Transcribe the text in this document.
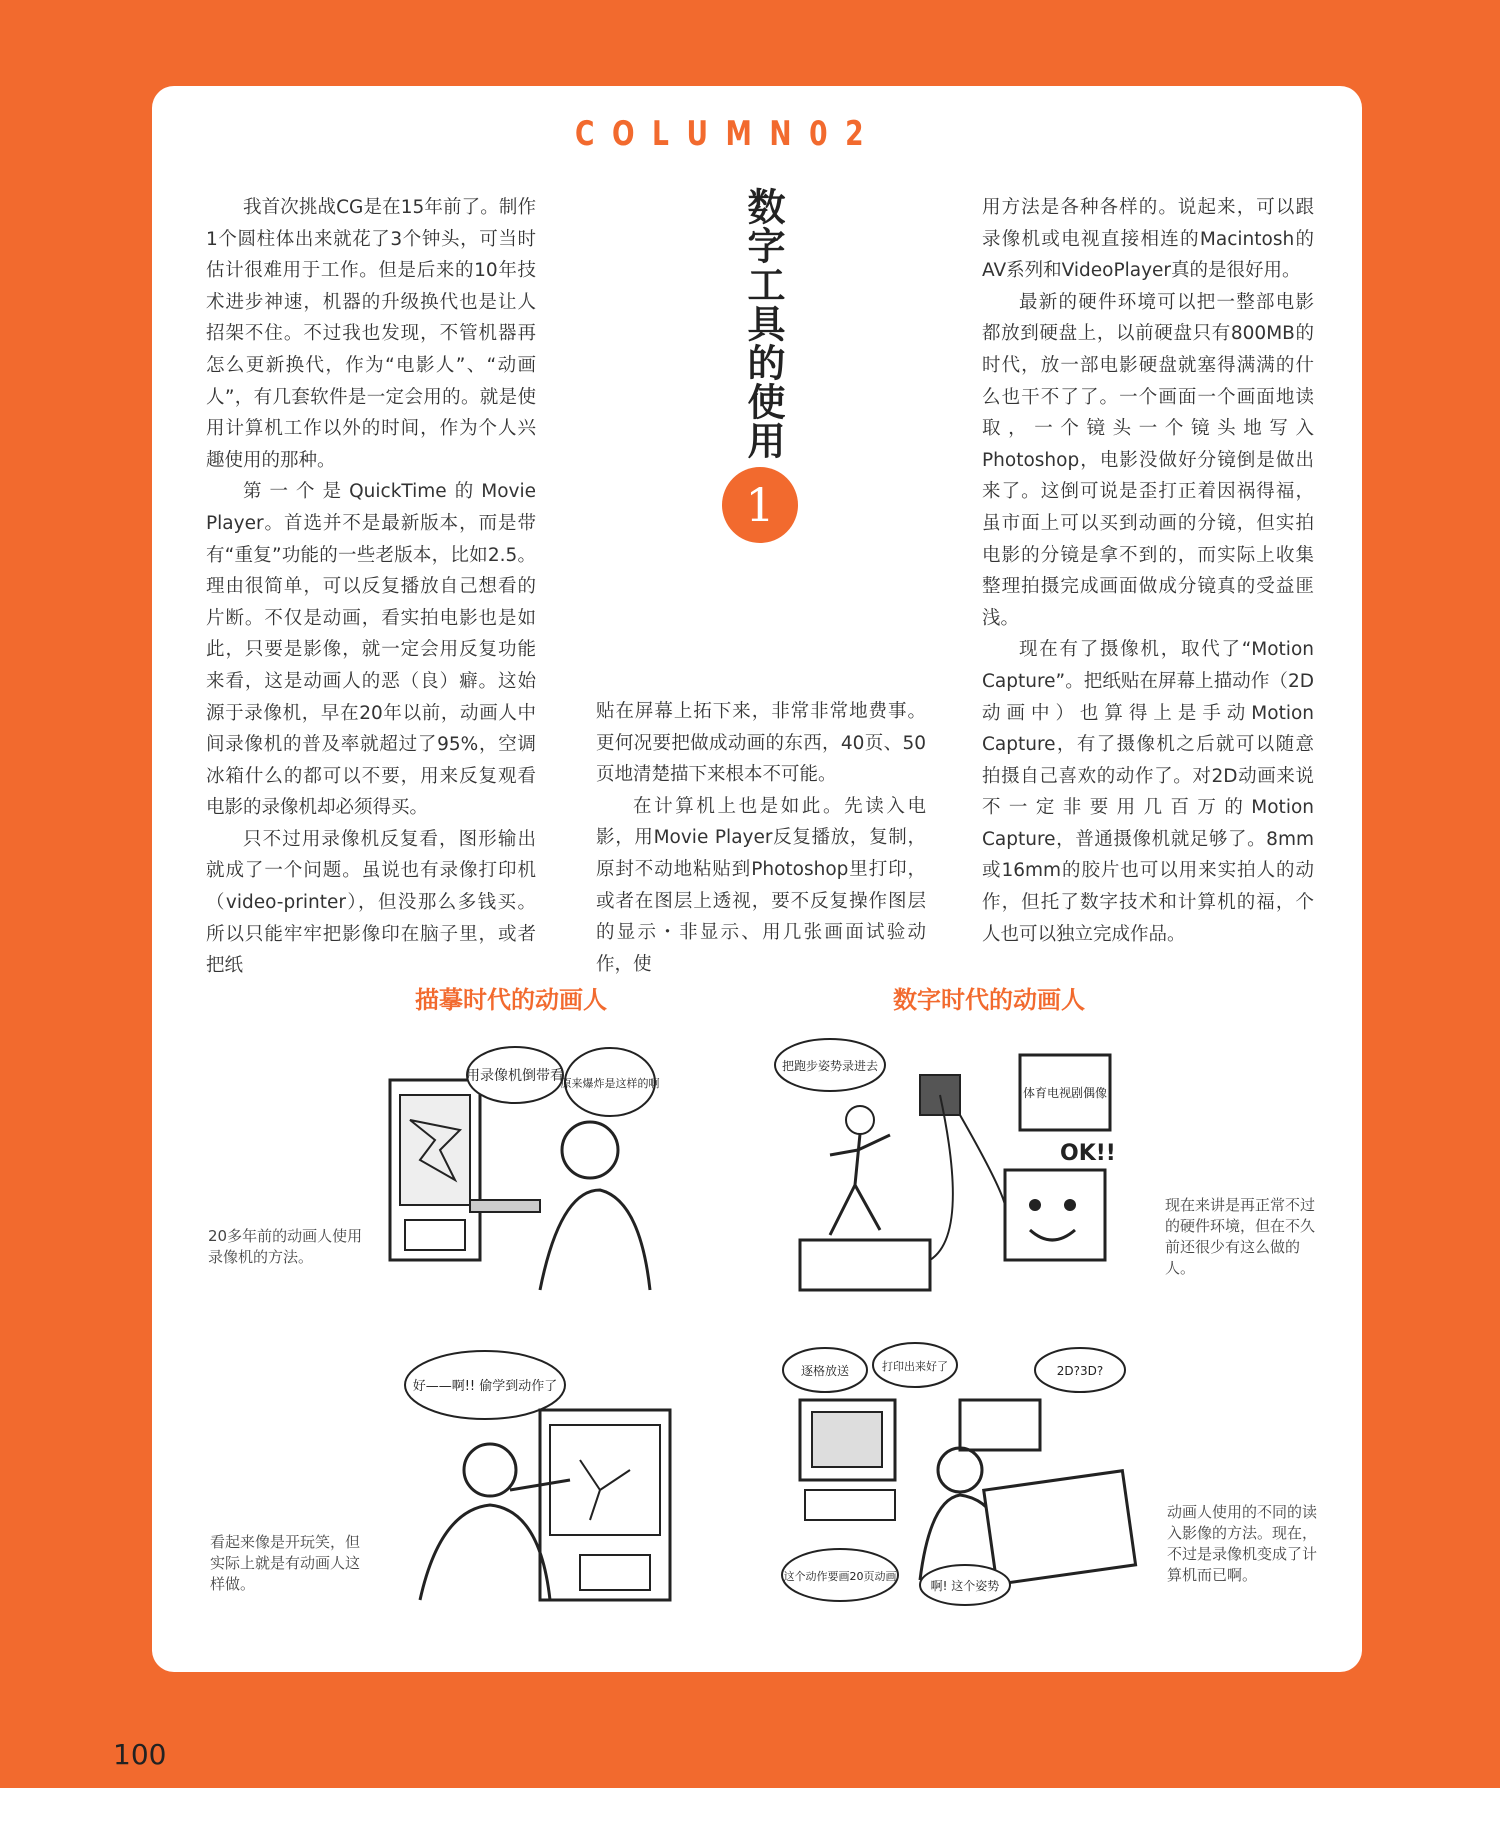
C O L U M N 0 2
数字工具的使用
1

我首次挑战CG是在15年前了。制作1个圆柱体出来就花了3个钟头，可当时估计很难用于工作。但是后来的10年技术进步神速，机器的升级换代也是让人招架不住。不过我也发现，不管机器再怎么更新换代，作为“电影人”、“动画人”，有几套软件是一定会用的。就是使用计算机工作以外的时间，作为个人兴趣使用的那种。

第一个是QuickTime的Movie Player。首选并不是最新版本，而是带有“重复”功能的一些老版本，比如2.5。理由很简单，可以反复播放自己想看的片断。不仅是动画，看实拍电影也是如此，只要是影像，就一定会用反复功能来看，这是动画人的恶（良）癖。这始源于录像机，早在20年以前，动画人中间录像机的普及率就超过了95%，空调冰箱什么的都可以不要，用来反复观看电影的录像机却必须得买。

只不过用录像机反复看，图形输出就成了一个问题。虽说也有录像打印机（video-printer），但没那么多钱买。所以只能牢牢把影像印在脑子里，或者把纸

贴在屏幕上拓下来，非常非常地费事。更何况要把做成动画的东西，40页、50页地清楚描下来根本不可能。

在计算机上也是如此。先读入电影，用Movie Player反复播放，复制，原封不动地粘贴到Photoshop里打印，或者在图层上透视，要不反复操作图层的显示・非显示、用几张画面试验动作，使

用方法是各种各样的。说起来，可以跟录像机或电视直接相连的Macintosh的AV系列和VideoPlayer真的是很好用。

最新的硬件环境可以把一整部电影都放到硬盘上，以前硬盘只有800MB的时代，放一部电影硬盘就塞得满满的什么也干不了了。一个画面一个画面地读取，一个镜头一个镜头地写入Photoshop，电影没做好分镜倒是做出来了。这倒可说是歪打正着因祸得福，虽市面上可以买到动画的分镜，但实拍电影的分镜是拿不到的，而实际上收集整理拍摄完成画面做成分镜真的受益匪浅。

现在有了摄像机，取代了“Motion Capture”。把纸贴在屏幕上描动作（2D动画中）也算得上是手动Motion Capture，有了摄像机之后就可以随意拍摄自己喜欢的动作了。对2D动画来说不一定非要用几百万的Motion Capture，普通摄像机就足够了。8mm或16mm的胶片也可以用来实拍人的动作，但托了数字技术和计算机的福，个人也可以独立完成作品。

描摹时代的动画人	数字时代的动画人
用录像机倒带看
原来爆炸是这样的啊
把跑步姿势录进去
体育电视剧偶像
OK!!
好——啊!! 偷学到动作了
逐格放送	打印出来好了	2D?3D?
这个动作要画20页动画
啊! 这个姿势
20多年前的动画人使用录像机的方法。
现在来讲是再正常不过的硬件环境，但在不久前还很少有这么做的人。
看起来像是开玩笑，但实际上就是有动画人这样做。
动画人使用的不同的读入影像的方法。现在，不过是录像机变成了计算机而已啊。
100
